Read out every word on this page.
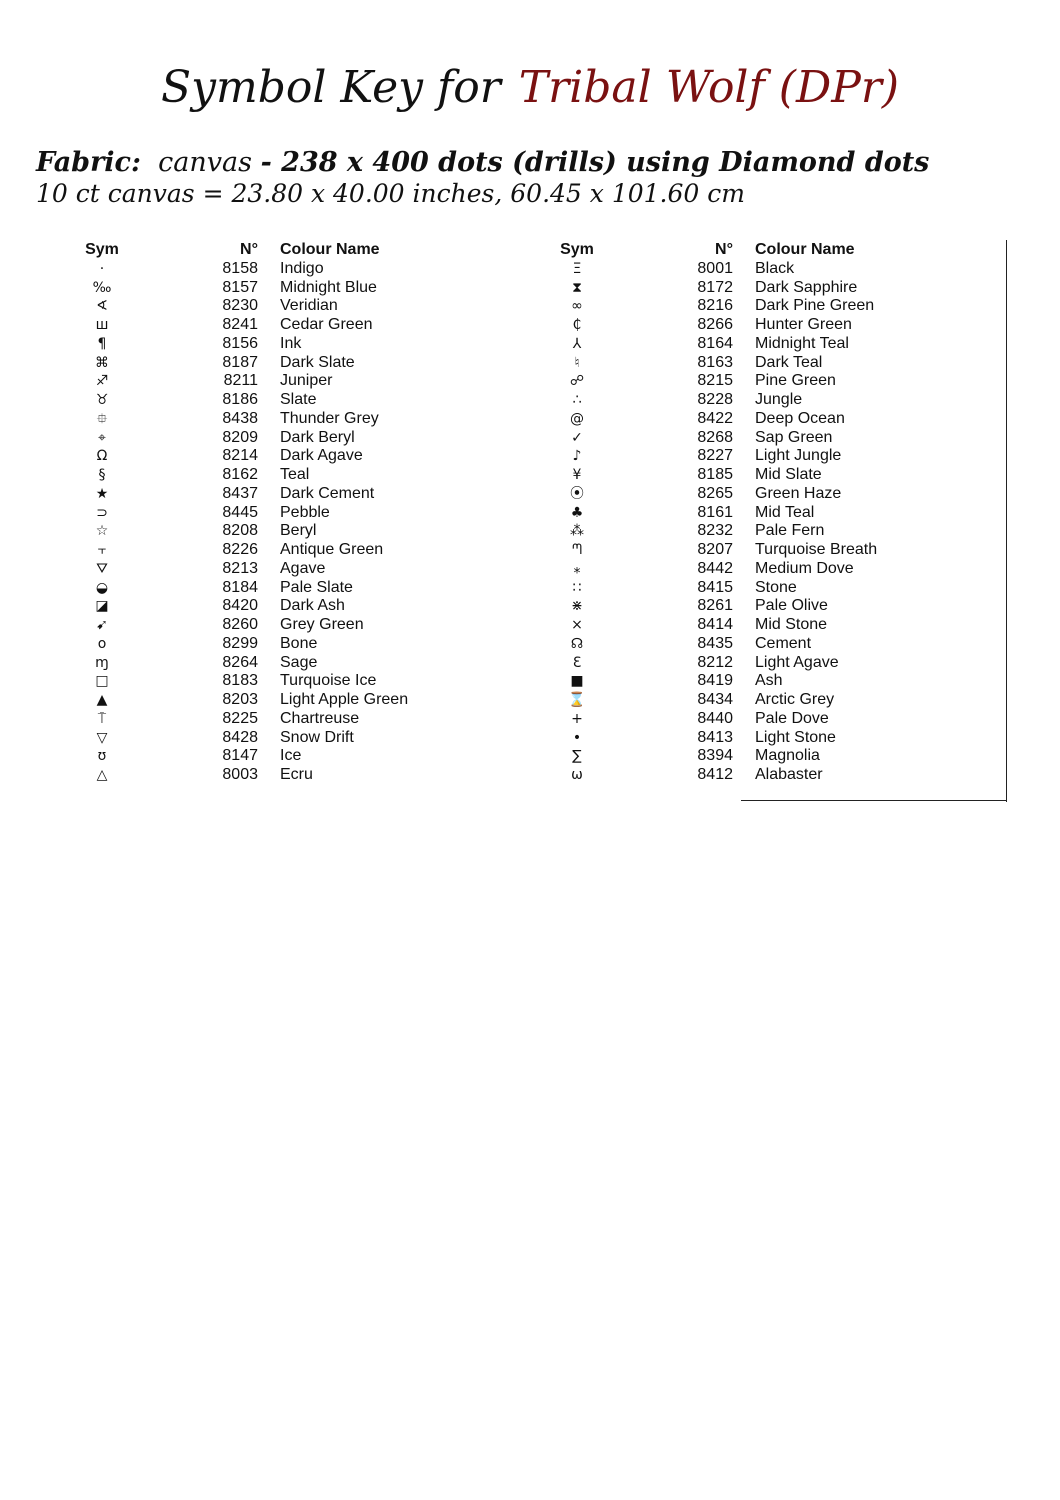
Symbol Key for Tribal Wolf (DPr)
Fabric: canvas - 238 x 400 dots (drills) using Diamond dots
10 ct canvas = 23.80 x 40.00 inches, 60.45 x 101.60 cm
Sym	N° Colour Name
·	8158 Indigo
‰	8157 Midnight Blue
∢	8230 Veridian
ш	8241 Cedar Green
¶	8156 Ink
⌘	8187 Dark Slate
♐	8211 Juniper
♉	8186 Slate
⯐	8438 Thunder Grey
⌖	8209 Dark Beryl
Ω	8214 Dark Agave
§	8162 Teal
★	8437 Dark Cement
⊃	8445 Pebble
☆	8208 Beryl
⫟	8226 Antique Green
⛛	8213 Agave
◒	8184 Pale Slate
◪	8420 Dark Ash
➹	8260 Grey Green
o	8299 Bone
ɱ	8264 Sage
□	8183 Turquoise Ice
▲	8203 Light Apple Green
⍑	8225 Chartreuse
▽	8428 Snow Drift
ʊ	8147 Ice
△	8003 Ecru
Sym	N° Colour Name
Ξ	8001 Black
⧗	8172 Dark Sapphire
∞	8216 Dark Pine Green
₵	8266 Hunter Green
⅄	8164 Midnight Teal
♮	8163 Dark Teal
☍	8215 Pine Green
∴	8228 Jungle
@	8422 Deep Ocean
✓	8268 Sap Green
♪	8227 Light Jungle
¥	8185 Mid Slate
⦿	8265 Green Haze
♣	8161 Mid Teal
⁂	8232 Pale Fern
ᘉ	8207 Turquoise Breath
⁎	8442 Medium Dove
∷	8415 Stone
⋇	8261 Pale Olive
×	8414 Mid Stone
☊	8435 Cement
Ɛ	8212 Light Agave
■	8419 Ash
⌛	8434 Arctic Grey
+	8440 Pale Dove
•	8413 Light Stone
∑	8394 Magnolia
ω	8412 Alabaster
